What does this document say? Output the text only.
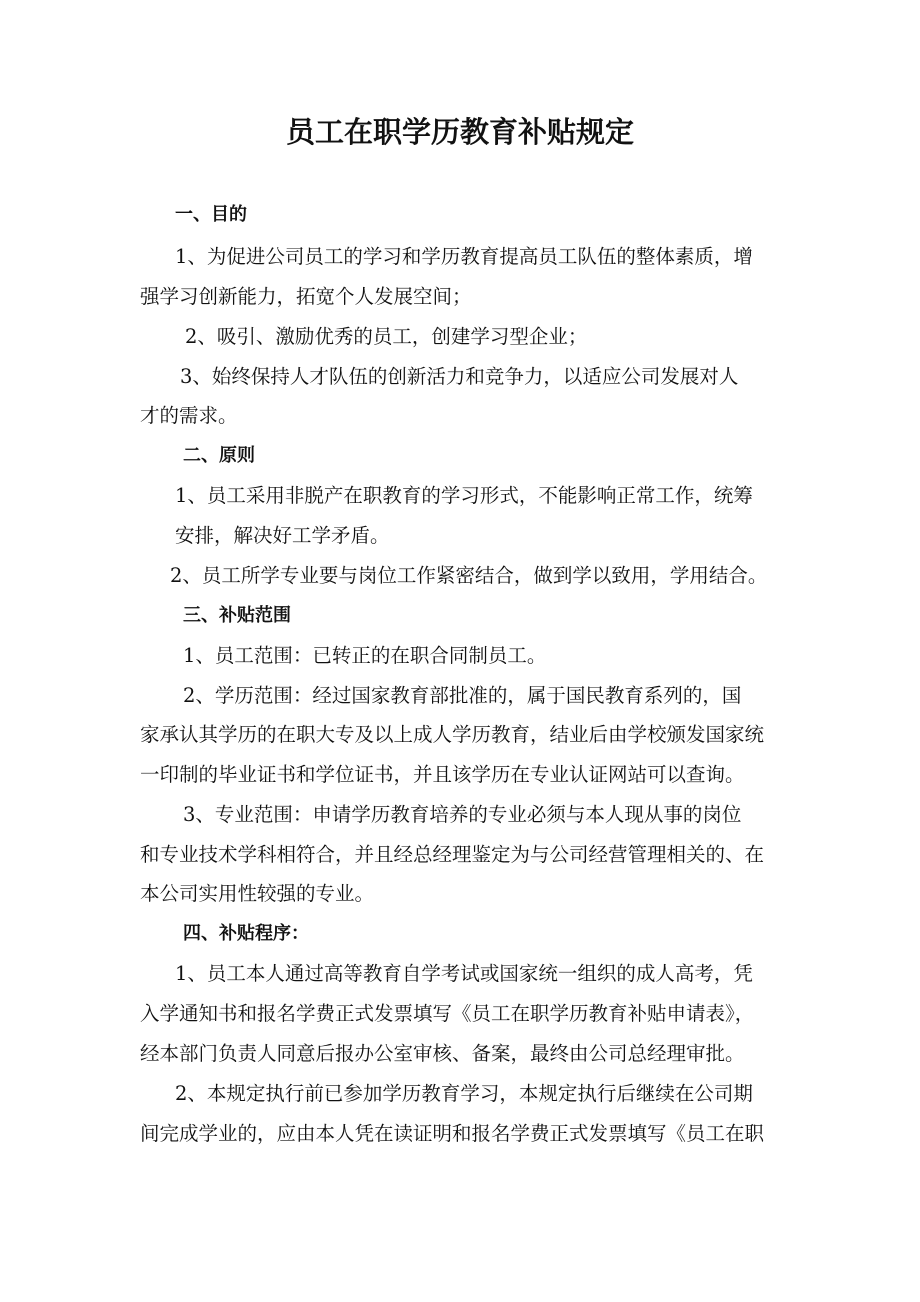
员工在职学历教育补贴规定

一、目的

1、为促进公司员工的学习和学历教育提高员工队伍的整体素质，增

强学习创新能力，拓宽个人发展空间；

2、吸引、激励优秀的员工，创建学习型企业；

3、始终保持人才队伍的创新活力和竞争力，以适应公司发展对人

才的需求。

二、原则

1、员工采用非脱产在职教育的学习形式，不能影响正常工作，统筹

安排，解决好工学矛盾。

2、员工所学专业要与岗位工作紧密结合，做到学以致用，学用结合。

三、补贴范围

1、员工范围：已转正的在职合同制员工。

2、学历范围：经过国家教育部批准的，属于国民教育系列的，国

家承认其学历的在职大专及以上成人学历教育，结业后由学校颁发国家统

一印制的毕业证书和学位证书，并且该学历在专业认证网站可以查询。

3、专业范围：申请学历教育培养的专业必须与本人现从事的岗位

和专业技术学科相符合，并且经总经理鉴定为与公司经营管理相关的、在

本公司实用性较强的专业。

四、补贴程序：

1、员工本人通过高等教育自学考试或国家统一组织的成人高考，凭

入学通知书和报名学费正式发票填写《员工在职学历教育补贴申请表》，

经本部门负责人同意后报办公室审核、备案，最终由公司总经理审批。

2、本规定执行前已参加学历教育学习，本规定执行后继续在公司期

间完成学业的，应由本人凭在读证明和报名学费正式发票填写《员工在职
